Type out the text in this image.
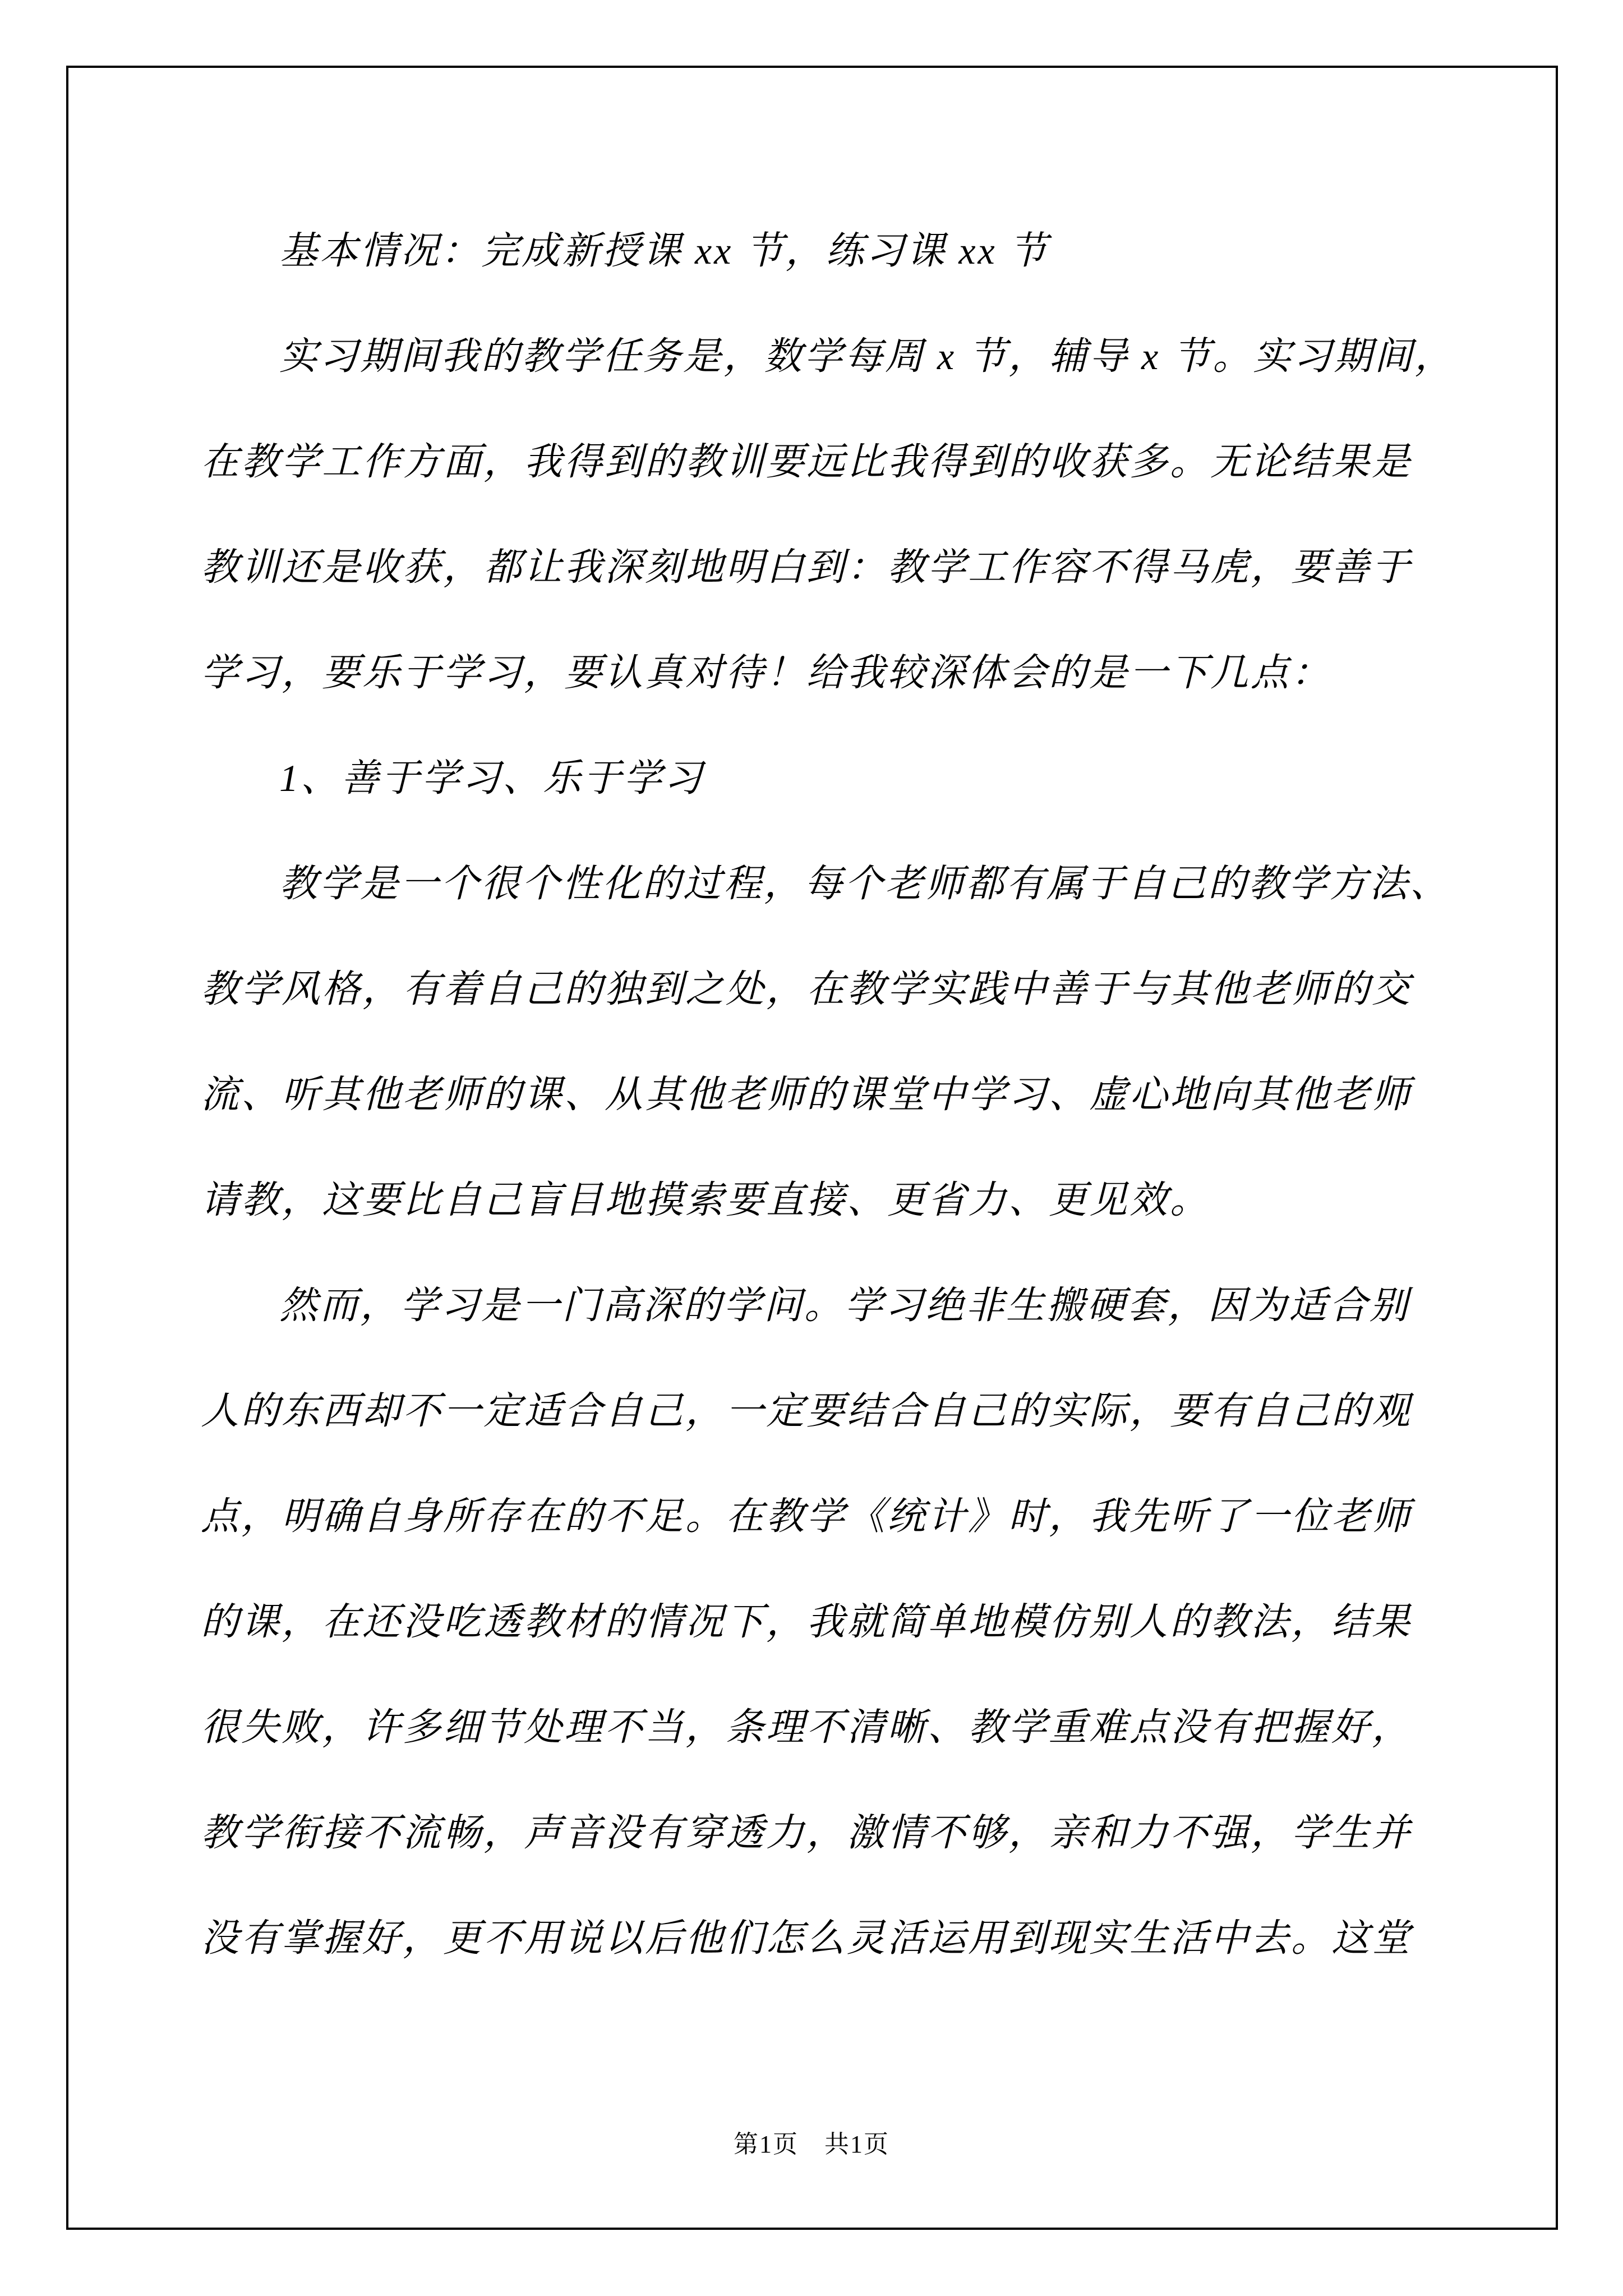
基本情况：完成新授课 xx 节，练习课 xx 节
实习期间我的教学任务是，数学每周 x 节，辅导 x 节。实习期间，
在教学工作方面，我得到的教训要远比我得到的收获多。无论结果是
教训还是收获，都让我深刻地明白到：教学工作容不得马虎，要善于
学习，要乐于学习，要认真对待！给我较深体会的是一下几点：
1、善于学习、乐于学习
教学是一个很个性化的过程，每个老师都有属于自己的教学方法、
教学风格，有着自己的独到之处，在教学实践中善于与其他老师的交
流、听其他老师的课、从其他老师的课堂中学习、虚心地向其他老师
请教，这要比自己盲目地摸索要直接、更省力、更见效。
然而，学习是一门高深的学问。学习绝非生搬硬套，因为适合别
人的东西却不一定适合自己，一定要结合自己的实际，要有自己的观
点，明确自身所存在的不足。在教学《统计》时，我先听了一位老师
的课，在还没吃透教材的情况下，我就简单地模仿别人的教法，结果
很失败，许多细节处理不当，条理不清晰、教学重难点没有把握好，
教学衔接不流畅，声音没有穿透力，激情不够，亲和力不强，学生并
没有掌握好，更不用说以后他们怎么灵活运用到现实生活中去。这堂
第1页　共1页
